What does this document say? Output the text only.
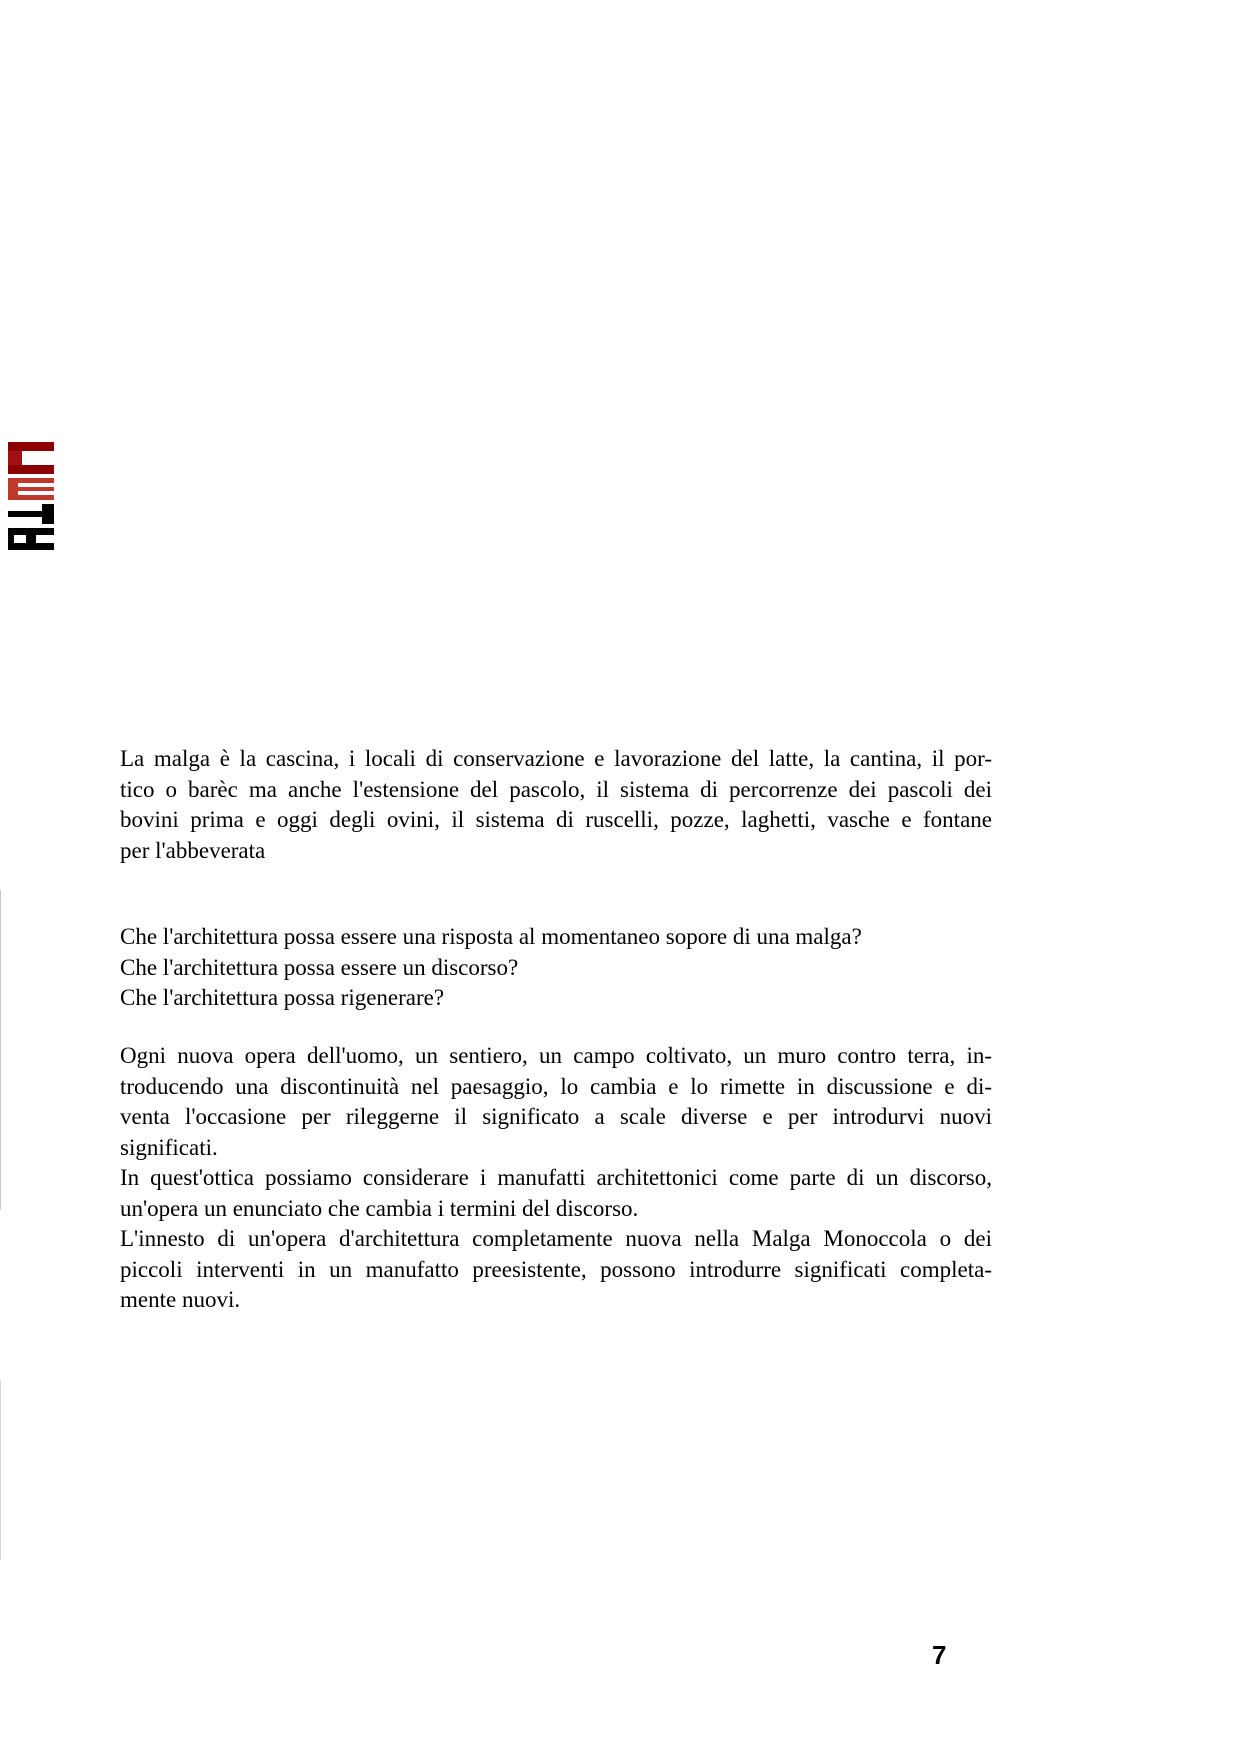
La malga è la cascina, i locali di conservazione e lavorazione del latte, la cantina, il por-
tico o barèc ma anche l'estensione del pascolo, il sistema di percorrenze dei pascoli dei
bovini prima e oggi degli ovini, il sistema di ruscelli, pozze, laghetti, vasche e fontane
per l'abbeverata
Che l'architettura possa essere una risposta al momentaneo sopore di una malga?
Che l'architettura possa essere un discorso?
Che l'architettura possa rigenerare?
Ogni nuova opera dell'uomo, un sentiero, un campo coltivato, un muro contro terra, in-
troducendo una discontinuità nel paesaggio, lo cambia e lo rimette in discussione e di-
venta l'occasione per rileggerne il significato a scale diverse e per introdurvi nuovi
significati.
In quest'ottica possiamo considerare i manufatti architettonici come parte di un discorso,
un'opera un enunciato che cambia i termini del discorso.
L'innesto di un'opera d'architettura completamente nuova nella Malga Monoccola o dei
piccoli interventi in un manufatto preesistente, possono introdurre significati completa-
mente nuovi.
7
